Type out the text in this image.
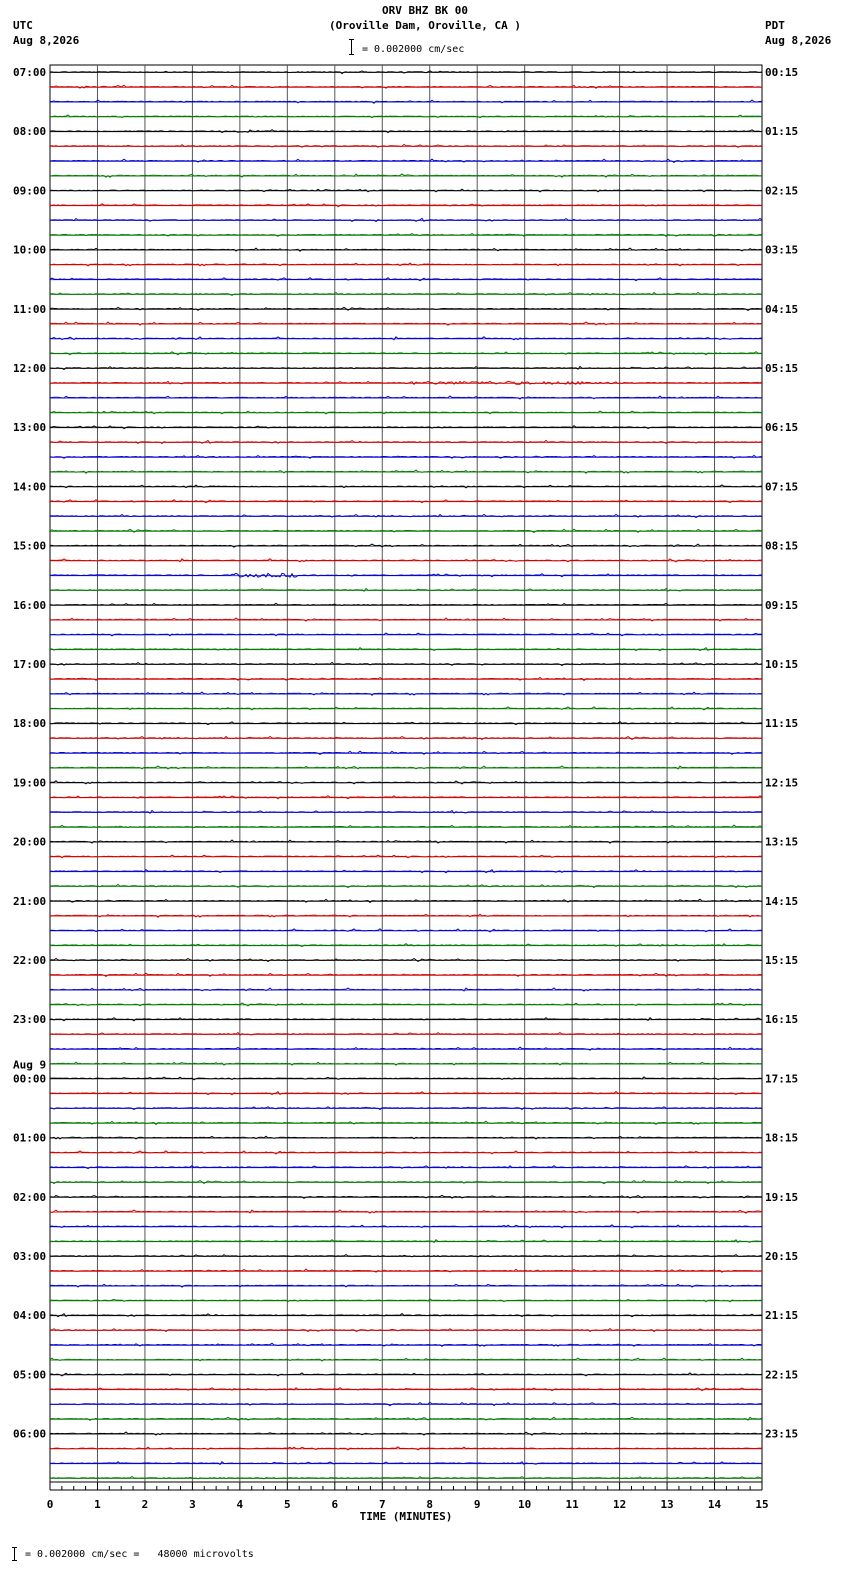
ORV BHZ BK 00
(Oroville Dam, Oroville, CA )
UTC
Aug 8,2026
PDT
Aug 8,2026
= 0.002000 cm/sec
07:00
08:00
09:00
10:00
11:00
12:00
13:00
14:00
15:00
16:00
17:00
18:00
19:00
20:00
21:00
22:00
23:00
00:00
01:00
02:00
03:00
04:00
05:00
06:00
Aug 9
00:15
01:15
02:15
03:15
04:15
05:15
06:15
07:15
08:15
09:15
10:15
11:15
12:15
13:15
14:15
15:15
16:15
17:15
18:15
19:15
20:15
21:15
22:15
23:15
0	1	2	3	4	5	6	7	8	9	10	11	12	13	14	15
TIME (MINUTES)
= 0.002000 cm/sec =   48000 microvolts
